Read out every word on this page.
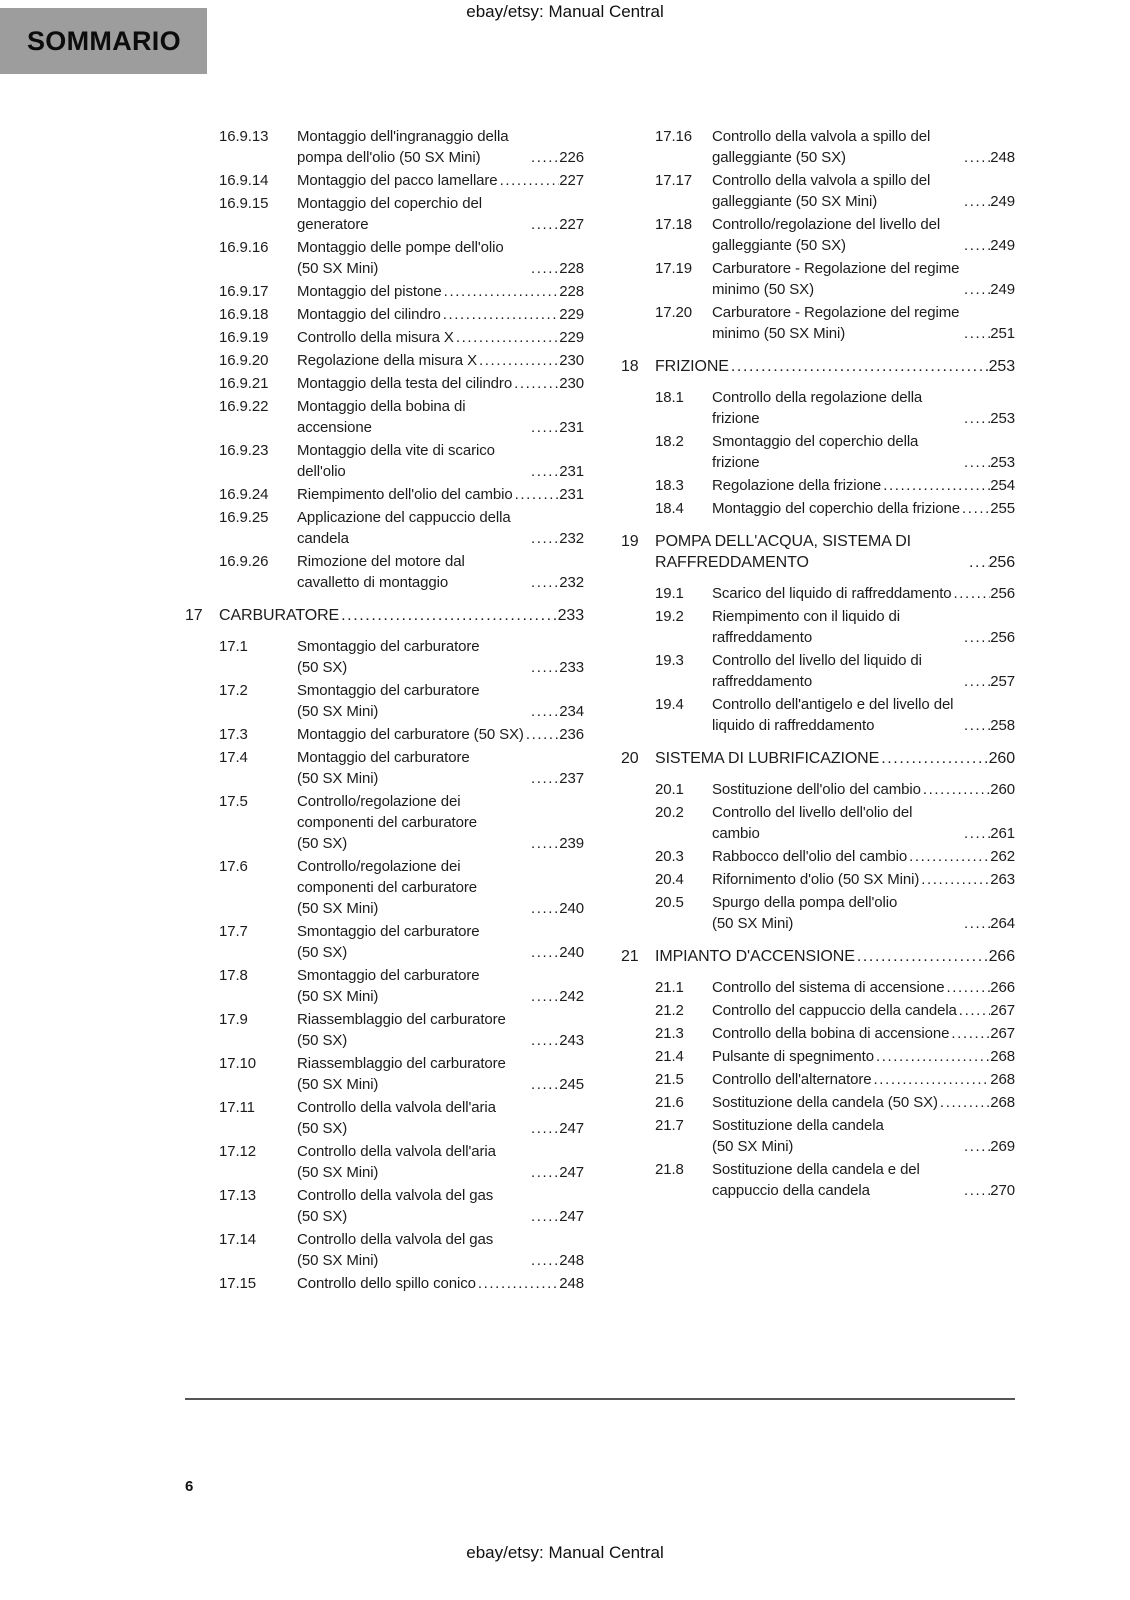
ebay/etsy: Manual Central
SOMMARIO
16.9.13	Montaggio dell'ingranaggio della pompa dell'olio (50 SX Mini) .....	226
16.9.14	Montaggio del pacco lamellare .....	227
16.9.15	Montaggio del coperchio del generatore .....	227
16.9.16	Montaggio delle pompe dell'olio (50 SX Mini) .....	228
16.9.17	Montaggio del pistone .....	228
16.9.18	Montaggio del cilindro .....	229
16.9.19	Controllo della misura X .....	229
16.9.20	Regolazione della misura X .....	230
16.9.21	Montaggio della testa del cilindro .....	230
16.9.22	Montaggio della bobina di accensione .....	231
16.9.23	Montaggio della vite di scarico dell'olio .....	231
16.9.24	Riempimento dell'olio del cambio .....	231
16.9.25	Applicazione del cappuccio della candela .....	232
16.9.26	Rimozione del motore dal cavalletto di montaggio .....	232
17	CARBURATORE .....	233
17.1	Smontaggio del carburatore (50 SX) .....	233
17.2	Smontaggio del carburatore (50 SX Mini) .....	234
17.3	Montaggio del carburatore (50 SX) ..... 236
17.4	Montaggio del carburatore (50 SX Mini) .....	237
17.5	Controllo/regolazione dei componenti del carburatore (50 SX) .....	239
17.6	Controllo/regolazione dei componenti del carburatore (50 SX Mini) .....	240
17.7	Smontaggio del carburatore (50 SX) .....	240
17.8	Smontaggio del carburatore (50 SX Mini) .....	242
17.9	Riassemblaggio del carburatore (50 SX) .....	243
17.10	Riassemblaggio del carburatore (50 SX Mini) .....	245
17.11	Controllo della valvola dell'aria (50 SX) .....	247
17.12	Controllo della valvola dell'aria (50 SX Mini) .....	247
17.13	Controllo della valvola del gas (50 SX) .....	247
17.14	Controllo della valvola del gas (50 SX Mini) .....	248
17.15	Controllo dello spillo conico .....	248
17.16	Controllo della valvola a spillo del galleggiante (50 SX) .....	248
17.17	Controllo della valvola a spillo del galleggiante (50 SX Mini) .....	249
17.18	Controllo/regolazione del livello del galleggiante (50 SX) .....	249
17.19	Carburatore - Regolazione del regime minimo (50 SX) .....	249
17.20	Carburatore - Regolazione del regime minimo (50 SX Mini) .....	251
18	FRIZIONE .....	253
18.1	Controllo della regolazione della frizione .....	253
18.2	Smontaggio del coperchio della frizione .....	253
18.3	Regolazione della frizione .....	254
18.4	Montaggio del coperchio della frizione ..... 255
19	POMPA DELL'ACQUA, SISTEMA DI RAFFREDDAMENTO .....	256
19.1	Scarico del liquido di raffreddamento .....	256
19.2	Riempimento con il liquido di raffreddamento .....	256
19.3	Controllo del livello del liquido di raffreddamento .....	257
19.4	Controllo dell'antigelo e del livello del liquido di raffreddamento .....	258
20	SISTEMA DI LUBRIFICAZIONE .....	260
20.1	Sostituzione dell'olio del cambio .....	260
20.2	Controllo del livello dell'olio del cambio .....	261
20.3	Rabbocco dell'olio del cambio .....	262
20.4	Rifornimento d'olio (50 SX Mini) .....	263
20.5	Spurgo della pompa dell'olio (50 SX Mini) .....	264
21	IMPIANTO D'ACCENSIONE .....	266
21.1	Controllo del sistema di accensione .....	266
21.2	Controllo del cappuccio della candela ..... 267
21.3	Controllo della bobina di accensione .....	267
21.4	Pulsante di spegnimento .....	268
21.5	Controllo dell'alternatore .....	268
21.6	Sostituzione della candela (50 SX) .....	268
21.7	Sostituzione della candela (50 SX Mini) .....	269
21.8	Sostituzione della candela e del cappuccio della candela .....	270
6
ebay/etsy: Manual Central
